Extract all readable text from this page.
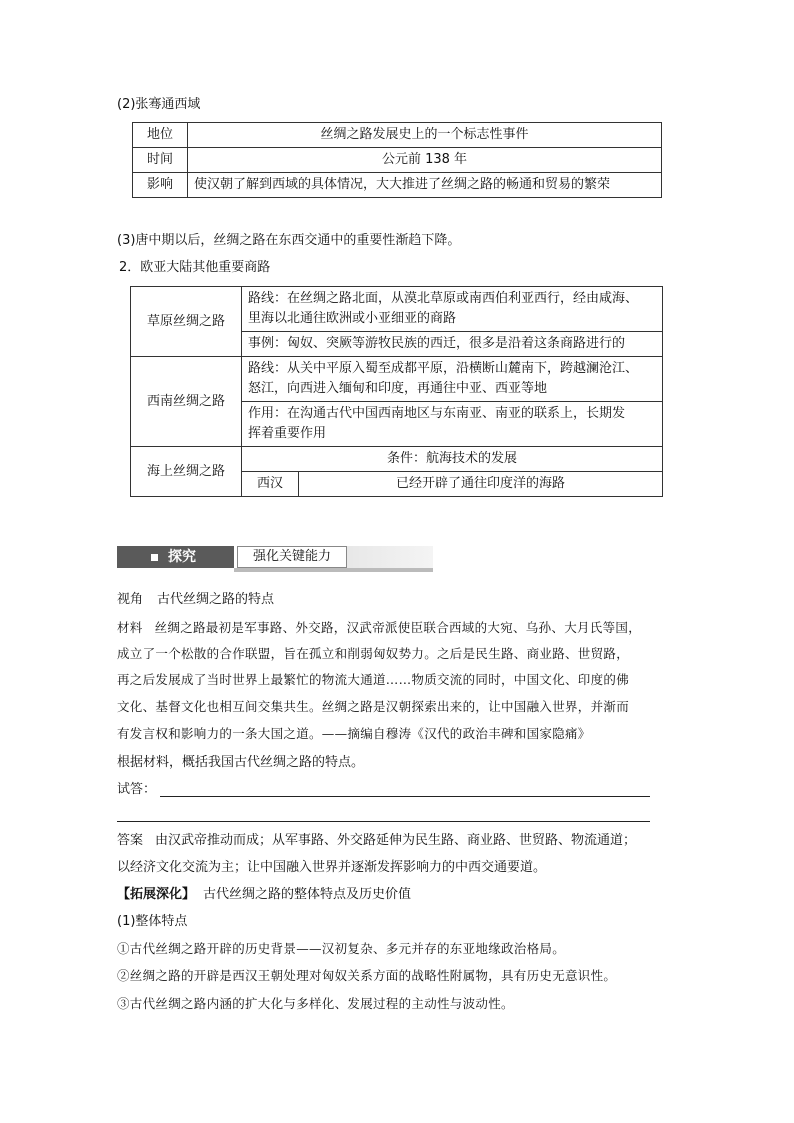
(2)张骞通西域
地位	丝绸之路发展史上的一个标志性事件
时间	公元前 138 年
影响	使汉朝了解到西域的具体情况，大大推进了丝绸之路的畅通和贸易的繁荣
(3)唐中期以后，丝绸之路在东西交通中的重要性渐趋下降。
2．欧亚大陆其他重要商路
草原丝绸之路	路线：在丝绸之路北面，从漠北草原或南西伯利亚西行，经由咸海、
里海以北通往欧洲或小亚细亚的商路	

	事例：匈奴、突厥等游牧民族的西迁，很多是沿着这条商路进行的	
西南丝绸之路	路线：从关中平原入蜀至成都平原，沿横断山麓南下，跨越澜沧江、
怒江，向西进入缅甸和印度，再通往中亚、西亚等地	

	作用：在沟通古代中国西南地区与东南亚、南亚的联系上，长期发
挥着重要作用	

海上丝绸之路	条件：航海技术的发展	
	西汉	已经开辟了通往印度洋的海路
探究	强化关键能力
视角 古代丝绸之路的特点
材料 丝绸之路最初是军事路、外交路，汉武帝派使臣联合西域的大宛、乌孙、大月氏等国，
成立了一个松散的合作联盟，旨在孤立和削弱匈奴势力。之后是民生路、商业路、世贸路，
再之后发展成了当时世界上最繁忙的物流大通道……物质交流的同时，中国文化、印度的佛
文化、基督文化也相互间交集共生。丝绸之路是汉朝探索出来的，让中国融入世界，并渐而
有发言权和影响力的一条大国之道。——摘编自穆涛《汉代的政治丰碑和国家隐痛》
根据材料，概括我国古代丝绸之路的特点。
试答：
答案 由汉武帝推动而成；从军事路、外交路延伸为民生路、商业路、世贸路、物流通道；
以经济文化交流为主；让中国融入世界并逐渐发挥影响力的中西交通要道。
【拓展深化】 古代丝绸之路的整体特点及历史价值
(1)整体特点
①古代丝绸之路开辟的历史背景——汉初复杂、多元并存的东亚地缘政治格局。
②丝绸之路的开辟是西汉王朝处理对匈奴关系方面的战略性附属物，具有历史无意识性。
③古代丝绸之路内涵的扩大化与多样化、发展过程的主动性与波动性。
